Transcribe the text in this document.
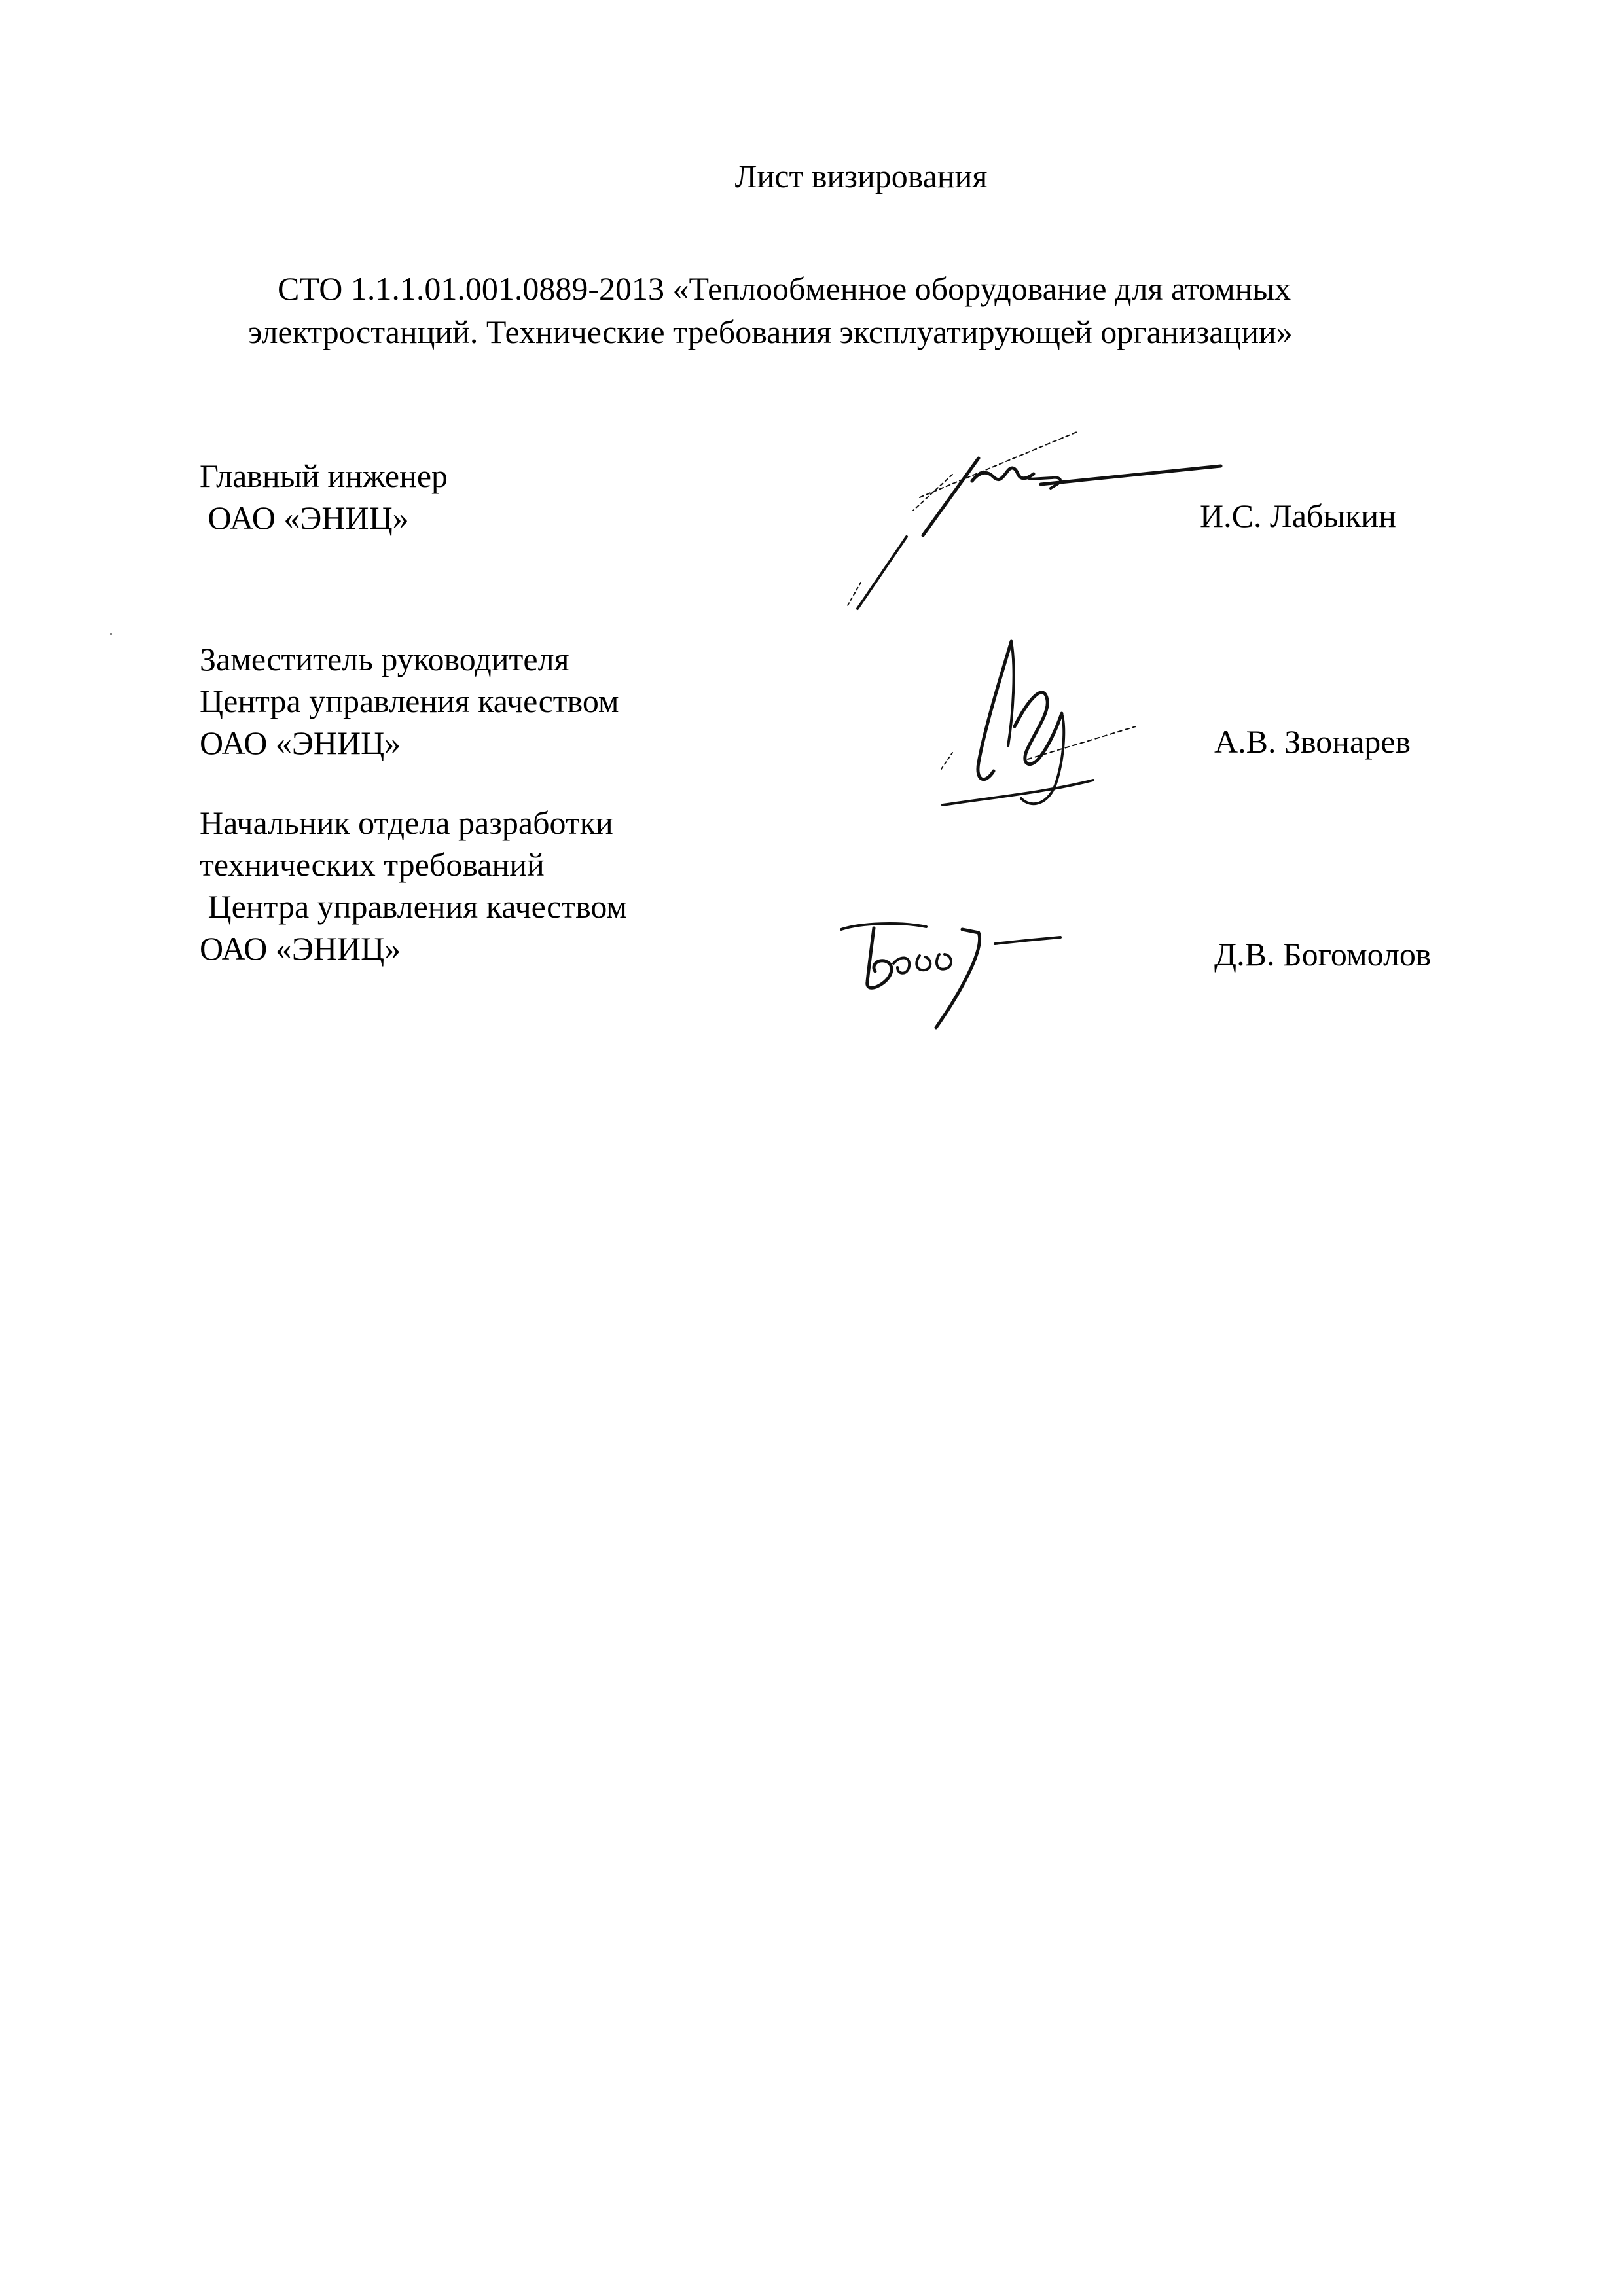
Лист визирования

СТО 1.1.1.01.001.0889-2013 «Теплообменное оборудование для атомных

электростанций. Технические требования эксплуатирующей организации»

Главный инженер
ОАО «ЭНИЦ»	И.С. Лабыкин
Заместитель руководителя
Центра управления качеством
ОАО «ЭНИЦ»	А.В. Звонарев
Начальник отдела разработки
технических требований
Центра управления качеством
ОАО «ЭНИЦ»	Д.В. Богомолов
